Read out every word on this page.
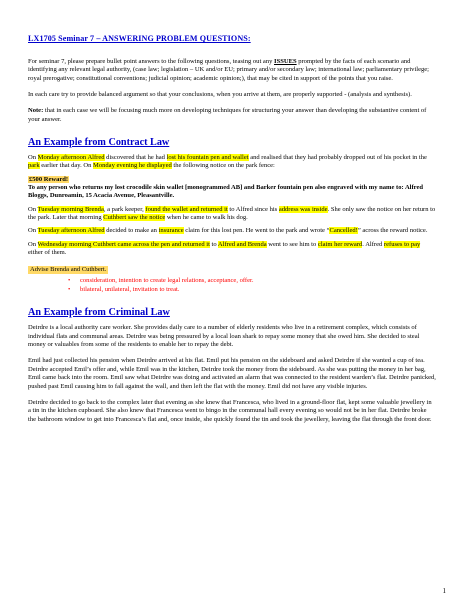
LX1705 Seminar 7 – ANSWERING PROBLEM QUESTIONS:

For seminar 7, please prepare bullet point answers to the following questions, teasing out any ISSUES prompted by the facts of each scenario and identifying any relevant legal authority, (case law; legislation – UK and/or EU; primary and/or secondary law; international law; parliamentary privilege; royal prerogative; constitutional conventions; judicial opinion; academic opinion;), that may be cited in support of the points that you raise.

In each care try to provide balanced argument so that your conclusions, when you arrive at them, are properly supported - (analysis and synthesis).

Note: that in each case we will be focusing much more on developing techniques for structuring your answer than developing the substantive content of your answer.

An Example from Contract Law

On Monday afternoon Alfred discovered that he had lost his fountain pen and wallet and realised that they had probably dropped out of his pocket in the park earlier that day. On Monday evening he displayed the following notice on the park fence:

£500 Reward!

To any person who returns my lost crocodile skin wallet [monogrammed AB] and Barker fountain pen also engraved with my name to: Alfred Bloggs, Dunroamin, 15 Acacia Avenue, Pleasantville.

On Tuesday morning Brenda, a park keeper, found the wallet and returned it to Alfred since his address was inside. She only saw the notice on her return to the park. Later that morning Cuthbert saw the notice when he came to walk his dog.

On Tuesday afternoon Alfred decided to make an insurance claim for this lost pen. He went to the park and wrote “Cancelled!” across the reward notice.

On Wednesday morning Cuthbert came across the pen and returned it to Alfred and Brenda went to see him to claim her reward. Alfred refuses to pay either of them.

Advise Brenda and Cuthbert.

• consideration, intention to create legal relations, acceptance, offer.
• bilateral, unilateral, invitation to treat.

An Example from Criminal Law

Deirdre is a local authority care worker. She provides daily care to a number of elderly residents who live in a retirement complex, which consists of individual flats and communal areas. Deirdre was being pressured by a local loan shark to repay some money that she owed him. She decided to steal money or valuables from some of the residents to enable her to repay the debt.

Emil had just collected his pension when Deirdre arrived at his flat. Emil put his pension on the sideboard and asked Deirdre if she wanted a cup of tea. Deirdre accepted Emil’s offer and, while Emil was in the kitchen, Deirdre took the money from the sideboard. As she was putting the money in her bag, Emil came back into the room. Emil saw what Deirdre was doing and activated an alarm that was connected to the resident warden’s flat. Deirdre panicked, pushed past Emil causing him to fall against the wall, and then left the flat with the money. Emil did not have any visible injuries.

Deirdre decided to go back to the complex later that evening as she knew that Francesca, who lived in a ground-floor flat, kept some valuable jewellery in a tin in the kitchen cupboard. She also knew that Francesca went to bingo in the communal hall every evening so would not be in her flat. Deirdre broke the bathroom window to get into Francesca’s flat and, once inside, she quickly found the tin and took the jewellery, leaving the flat through the front door.

1
